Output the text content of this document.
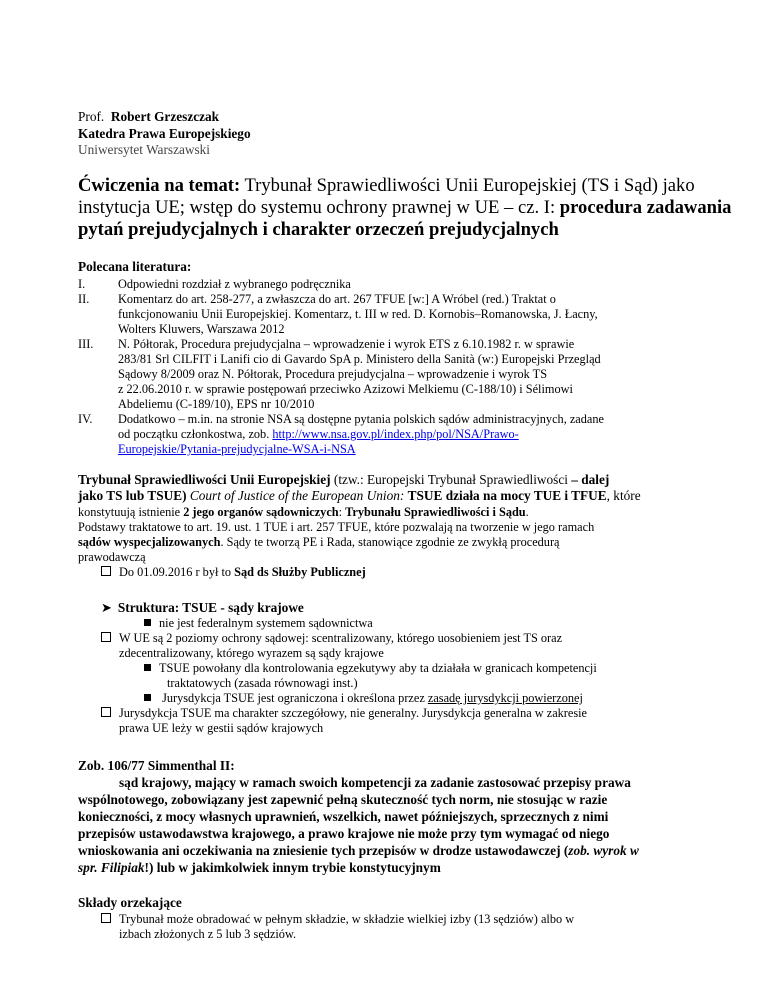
Prof. Robert Grzeszczak
Katedra Prawa Europejskiego
Uniwersytet Warszawski
Ćwiczenia na temat: Trybunał Sprawiedliwości Unii Europejskiej (TS i Sąd) jako
instytucja UE; wstęp do systemu ochrony prawnej w UE – cz. I: procedura zadawania
pytań prejudycjalnych i charakter orzeczeń prejudycjalnych
Polecana literatura:
I.	Odpowiedni rozdział z wybranego podręcznika
II.	Komentarz do art. 258-277, a zwłaszcza do art. 267 TFUE [w:] A Wróbel (red.) Traktat o
funkcjonowaniu Unii Europejskiej. Komentarz, t. III w red. D. Kornobis–Romanowska, J. Łacny,
Wolters Kluwers, Warszawa 2012
III.	N. Półtorak, Procedura prejudycjalna – wprowadzenie i wyrok ETS z 6.10.1982 r. w sprawie
283/81 Srl CILFIT i Lanifi cio di Gavardo SpA p. Ministero della Sanità (w:) Europejski Przegląd
Sądowy 8/2009 oraz N. Półtorak, Procedura prejudycjalna – wprowadzenie i wyrok TS
z 22.06.2010 r. w sprawie postępowań przeciwko Azizowi Melkiemu (C-188/10) i Sélimowi
Abdeliemu (C-189/10), EPS nr 10/2010
IV.	Dodatkowo – m.in. na stronie NSA są dostępne pytania polskich sądów administracyjnych, zadane
od początku członkostwa, zob. http://www.nsa.gov.pl/index.php/pol/NSA/Prawo-
Europejskie/Pytania-prejudycjalne-WSA-i-NSA
Trybunał Sprawiedliwości Unii Europejskiej (tzw.: Europejski Trybunał Sprawiedliwości – dalej
jako TS lub TSUE) Court of Justice of the European Union: TSUE działa na mocy TUE i TFUE, które
konstytuują istnienie 2 jego organów sądowniczych: Trybunału Sprawiedliwości i Sądu.
Podstawy traktatowe to art. 19. ust. 1 TUE i art. 257 TFUE, które pozwalają na tworzenie w jego ramach
sądów wyspecjalizowanych. Sądy te tworzą PE i Rada, stanowiące zgodnie ze zwykłą procedurą
prawodawczą
Do 01.09.2016 r był to Sąd ds Służby Publicznej
➤ Struktura: TSUE - sądy krajowe
nie jest federalnym systemem sądownictwa
W UE są 2 poziomy ochrony sądowej: scentralizowany, którego uosobieniem jest TS oraz
zdecentralizowany, którego wyrazem są sądy krajowe
TSUE powołany dla kontrolowania egzekutywy aby ta działała w granicach kompetencji
traktatowych (zasada równowagi inst.)
Jurysdykcja TSUE jest ograniczona i określona przez zasadę jurysdykcji powierzonej
Jurysdykcja TSUE ma charakter szczegółowy, nie generalny. Jurysdykcja generalna w zakresie
prawa UE leży w gestii sądów krajowych
Zob. 106/77 Simmenthal II:
sąd krajowy, mający w ramach swoich kompetencji za zadanie zastosować przepisy prawa
wspólnotowego, zobowiązany jest zapewnić pełną skuteczność tych norm, nie stosując w razie
konieczności, z mocy własnych uprawnień, wszelkich, nawet późniejszych, sprzecznych z nimi
przepisów ustawodawstwa krajowego, a prawo krajowe nie może przy tym wymagać od niego
wnioskowania ani oczekiwania na zniesienie tych przepisów w drodze ustawodawczej (zob. wyrok w
spr. Filipiak!) lub w jakimkolwiek innym trybie konstytucyjnym
Składy orzekające
Trybunał może obradować w pełnym składzie, w składzie wielkiej izby (13 sędziów) albo w
izbach złożonych z 5 lub 3 sędziów.
